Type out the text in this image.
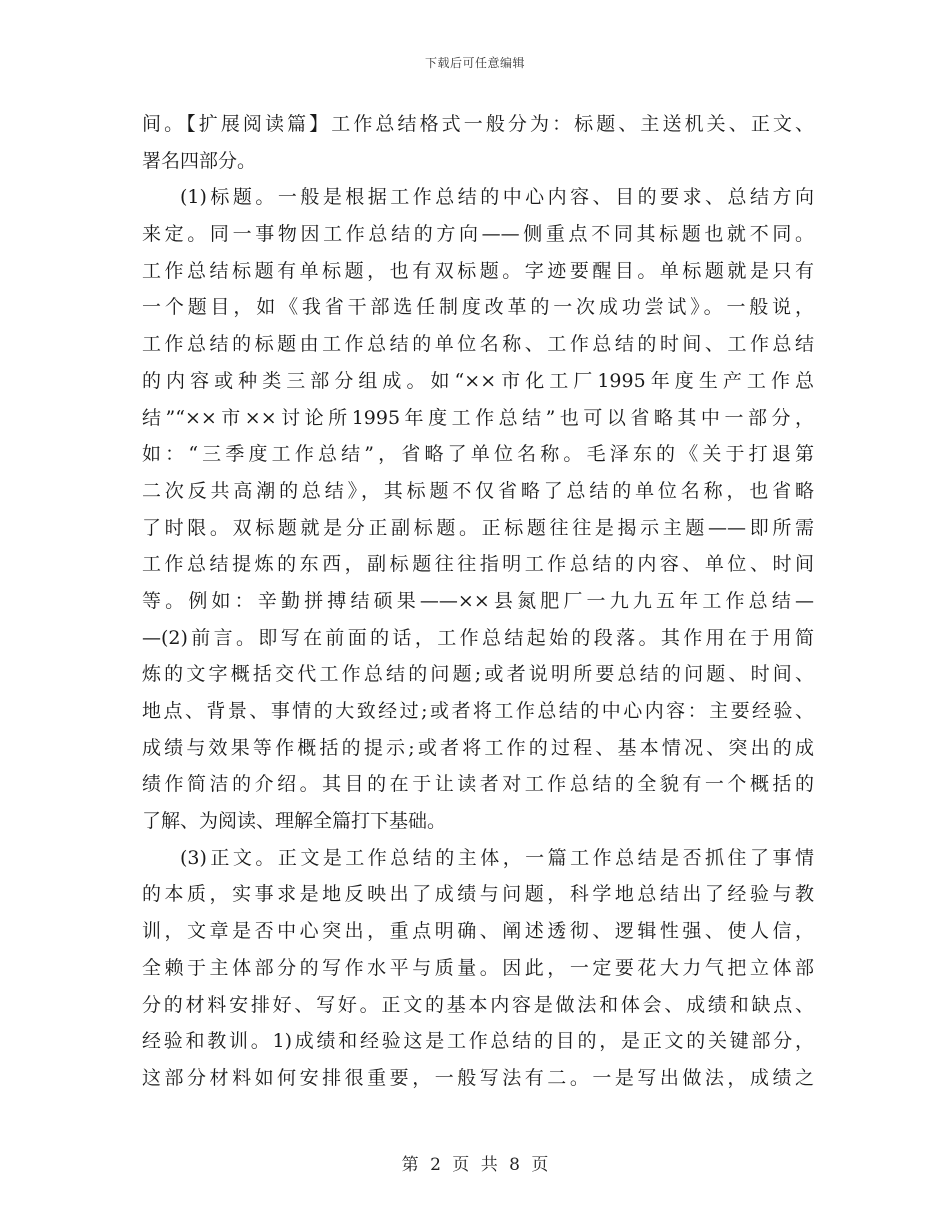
下载后可任意编辑
间。【扩展阅读篇】工作总结格式一般分为：标题、主送机关、正文、
署名四部分。
(1)标题。一般是根据工作总结的中心内容、目的要求、总结方向
来定。同一事物因工作总结的方向——侧重点不同其标题也就不同。
工作总结标题有单标题，也有双标题。字迹要醒目。单标题就是只有
一个题目，如《我省干部选任制度改革的一次成功尝试》。一般说，
工作总结的标题由工作总结的单位名称、工作总结的时间、工作总结
的内容或种类三部分组成。如“××市化工厂1995年度生产工作总
结”“××市××讨论所1995年度工作总结”也可以省略其中一部分，
如：“三季度工作总结”，省略了单位名称。毛泽东的《关于打退第
二次反共高潮的总结》，其标题不仅省略了总结的单位名称，也省略
了时限。双标题就是分正副标题。正标题往往是揭示主题——即所需
工作总结提炼的东西，副标题往往指明工作总结的内容、单位、时间
等。例如：辛勤拼搏结硕果——××县氮肥厂一九九五年工作总结—
—(2)前言。即写在前面的话，工作总结起始的段落。其作用在于用简
炼的文字概括交代工作总结的问题;或者说明所要总结的问题、时间、
地点、背景、事情的大致经过;或者将工作总结的中心内容：主要经验、
成绩与效果等作概括的提示;或者将工作的过程、基本情况、突出的成
绩作简洁的介绍。其目的在于让读者对工作总结的全貌有一个概括的
了解、为阅读、理解全篇打下基础。
(3)正文。正文是工作总结的主体，一篇工作总结是否抓住了事情
的本质，实事求是地反映出了成绩与问题，科学地总结出了经验与教
训，文章是否中心突出，重点明确、阐述透彻、逻辑性强、使人信，
全赖于主体部分的写作水平与质量。因此，一定要花大力气把立体部
分的材料安排好、写好。正文的基本内容是做法和体会、成绩和缺点、
经验和教训。1)成绩和经验这是工作总结的目的，是正文的关键部分，
这部分材料如何安排很重要，一般写法有二。一是写出做法，成绩之
第 2 页 共 8 页
